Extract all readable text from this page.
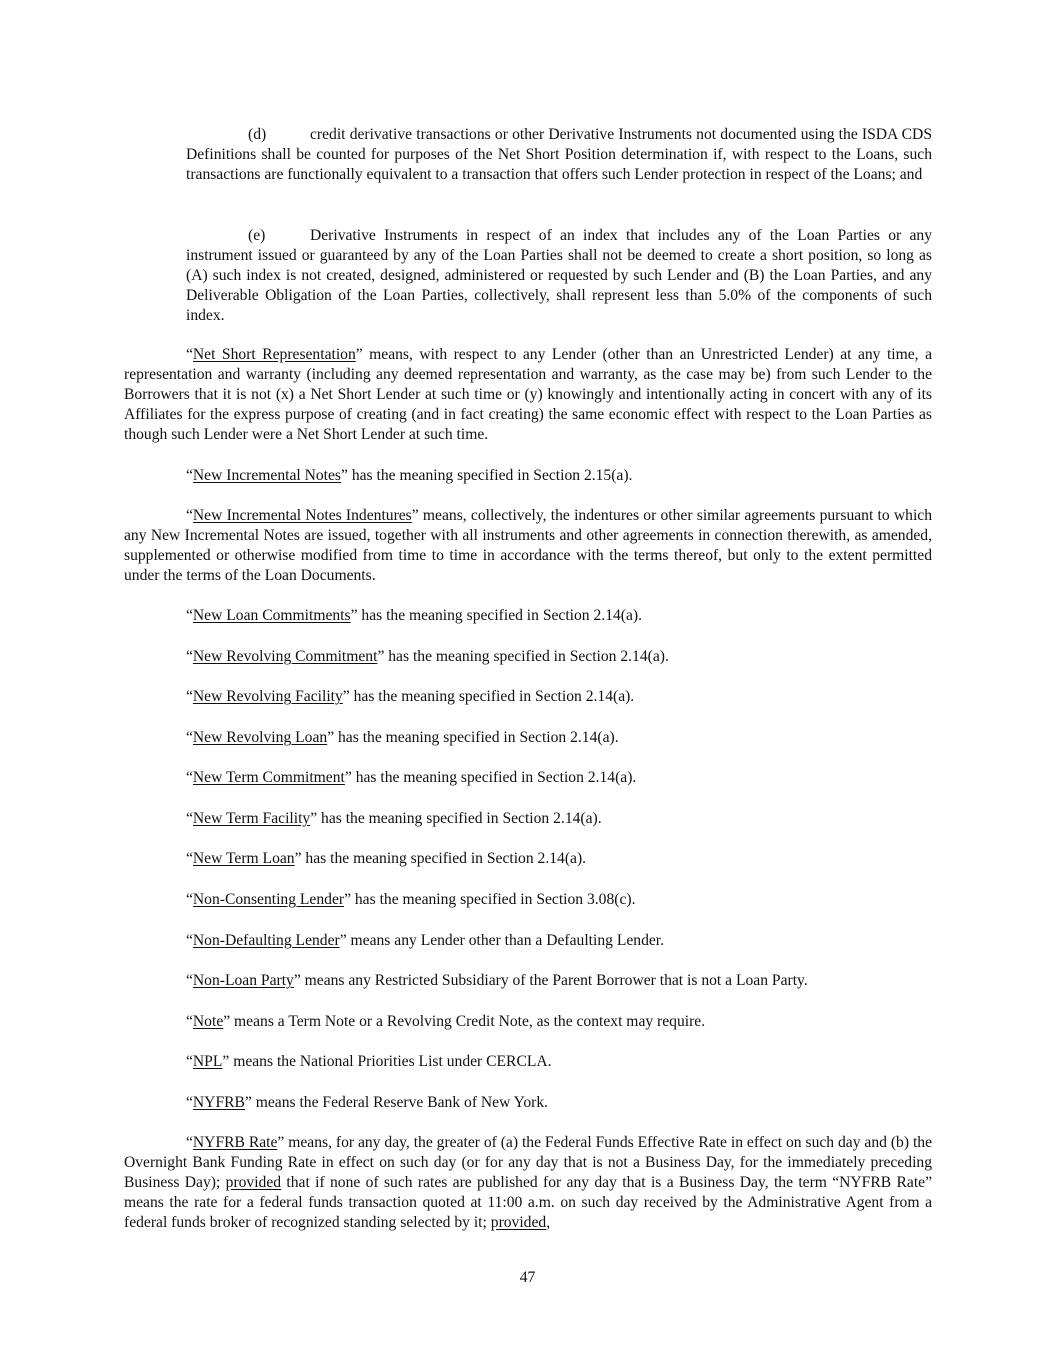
(d)	credit derivative transactions or other Derivative Instruments not documented using the ISDA CDS Definitions shall be counted for purposes of the Net Short Position determination if, with respect to the Loans, such transactions are functionally equivalent to a transaction that offers such Lender protection in respect of the Loans; and

(e)	Derivative Instruments in respect of an index that includes any of the Loan Parties or any instrument issued or guaranteed by any of the Loan Parties shall not be deemed to create a short position, so long as (A) such index is not created, designed, administered or requested by such Lender and (B) the Loan Parties, and any Deliverable Obligation of the Loan Parties, collectively, shall represent less than 5.0% of the components of such index.

“Net Short Representation” means, with respect to any Lender (other than an Unrestricted Lender) at any time, a representation and warranty (including any deemed representation and warranty, as the case may be) from such Lender to the Borrowers that it is not (x) a Net Short Lender at such time or (y) knowingly and intentionally acting in concert with any of its Affiliates for the express purpose of creating (and in fact creating) the same economic effect with respect to the Loan Parties as though such Lender were a Net Short Lender at such time.

“New Incremental Notes” has the meaning specified in Section 2.15(a).

“New Incremental Notes Indentures” means, collectively, the indentures or other similar agreements pursuant to which any New Incremental Notes are issued, together with all instruments and other agreements in connection therewith, as amended, supplemented or otherwise modified from time to time in accordance with the terms thereof, but only to the extent permitted under the terms of the Loan Documents.

“New Loan Commitments” has the meaning specified in Section 2.14(a).

“New Revolving Commitment” has the meaning specified in Section 2.14(a).

“New Revolving Facility” has the meaning specified in Section 2.14(a).

“New Revolving Loan” has the meaning specified in Section 2.14(a).

“New Term Commitment” has the meaning specified in Section 2.14(a).

“New Term Facility” has the meaning specified in Section 2.14(a).

“New Term Loan” has the meaning specified in Section 2.14(a).

“Non-Consenting Lender” has the meaning specified in Section 3.08(c).

“Non-Defaulting Lender” means any Lender other than a Defaulting Lender.

“Non-Loan Party” means any Restricted Subsidiary of the Parent Borrower that is not a Loan Party.

“Note” means a Term Note or a Revolving Credit Note, as the context may require.

“NPL” means the National Priorities List under CERCLA.

“NYFRB” means the Federal Reserve Bank of New York.

“NYFRB Rate” means, for any day, the greater of (a) the Federal Funds Effective Rate in effect on such day and (b) the Overnight Bank Funding Rate in effect on such day (or for any day that is not a Business Day, for the immediately preceding Business Day); provided that if none of such rates are published for any day that is a Business Day, the term “NYFRB Rate” means the rate for a federal funds transaction quoted at 11:00 a.m. on such day received by the Administrative Agent from a federal funds broker of recognized standing selected by it; provided,

47
